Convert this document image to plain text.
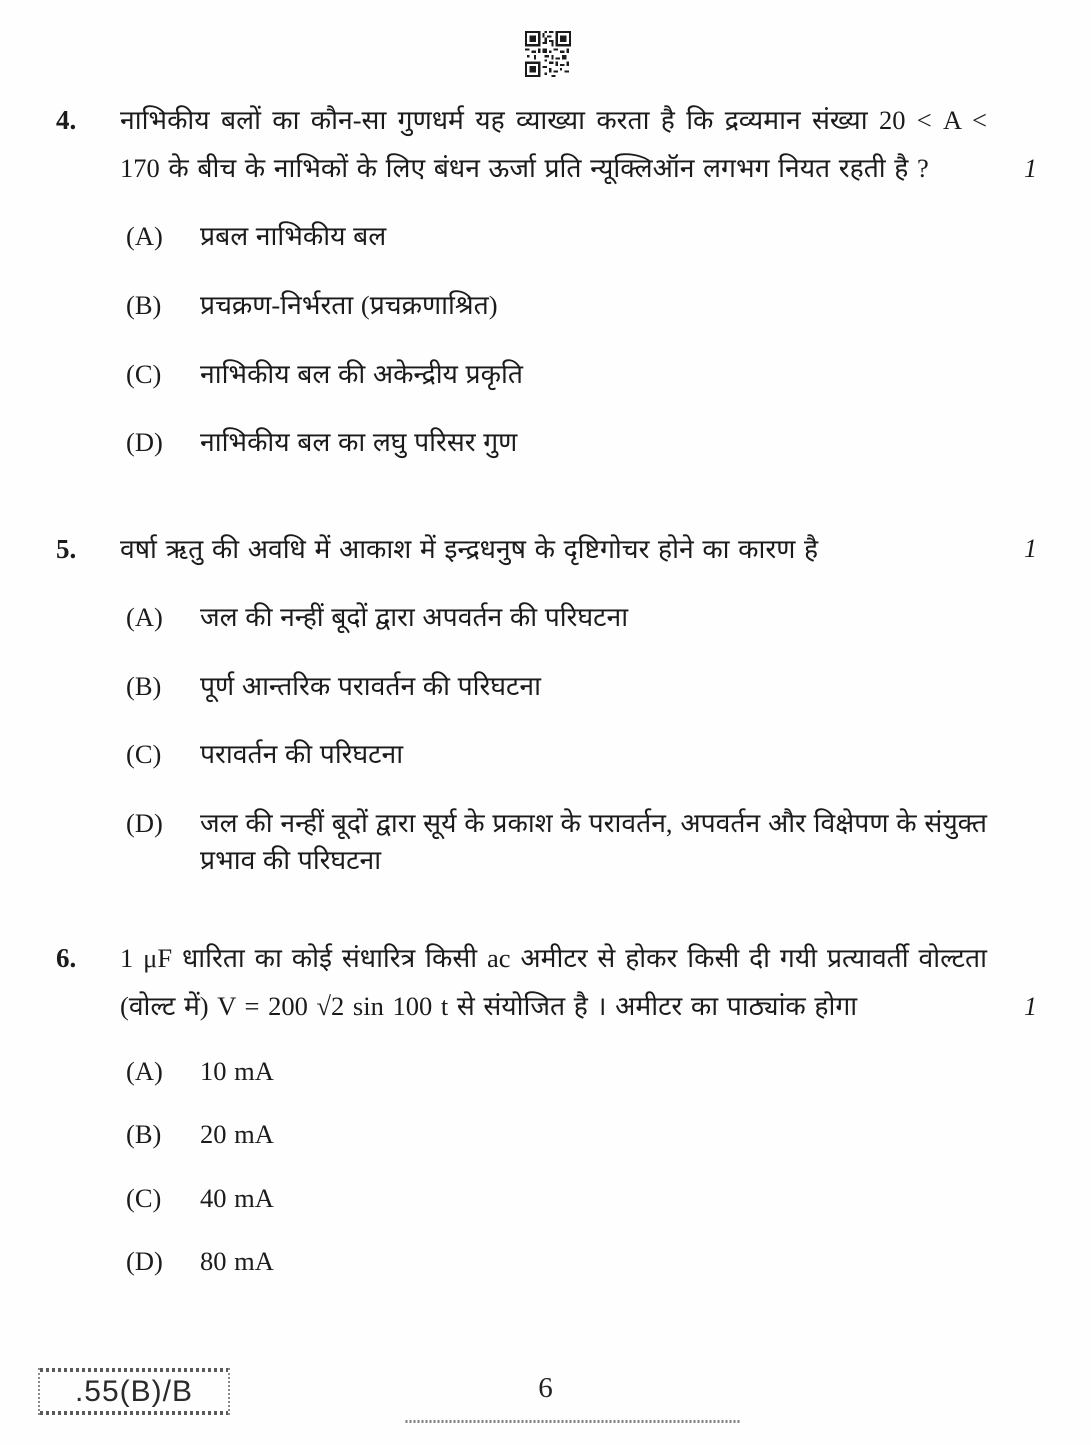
4.	नाभिकीय बलों का कौन-सा गुणधर्म यह व्याख्या करता है कि द्रव्यमान संख्या 20 < A < 170 के बीच के नाभिकों के लिए बंधन ऊर्जा प्रति न्यूक्लिऑन लगभग नियत रहती है ?	1
(A)	प्रबल नाभिकीय बल
(B)	प्रचक्रण-निर्भरता (प्रचक्रणाश्रित)
(C)	नाभिकीय बल की अकेन्द्रीय प्रकृति
(D)	नाभिकीय बल का लघु परिसर गुण
5.	वर्षा ऋतु की अवधि में आकाश में इन्द्रधनुष के दृष्टिगोचर होने का कारण है	1
(A)	जल की नन्हीं बूदों द्वारा अपवर्तन की परिघटना
(B)	पूर्ण आन्तरिक परावर्तन की परिघटना
(C)	परावर्तन की परिघटना
(D)	जल की नन्हीं बूदों द्वारा सूर्य के प्रकाश के परावर्तन, अपवर्तन और विक्षेपण के संयुक्त प्रभाव की परिघटना
6.	1 μF धारिता का कोई संधारित्र किसी ac अमीटर से होकर किसी दी गयी प्रत्यावर्ती वोल्टता (वोल्ट में) V = 200 √2 sin 100 t से संयोजित है । अमीटर का पाठ्यांक होगा	1
(A)	10 mA
(B)	20 mA
(C)	40 mA
(D)	80 mA
.55(B)/B	6
